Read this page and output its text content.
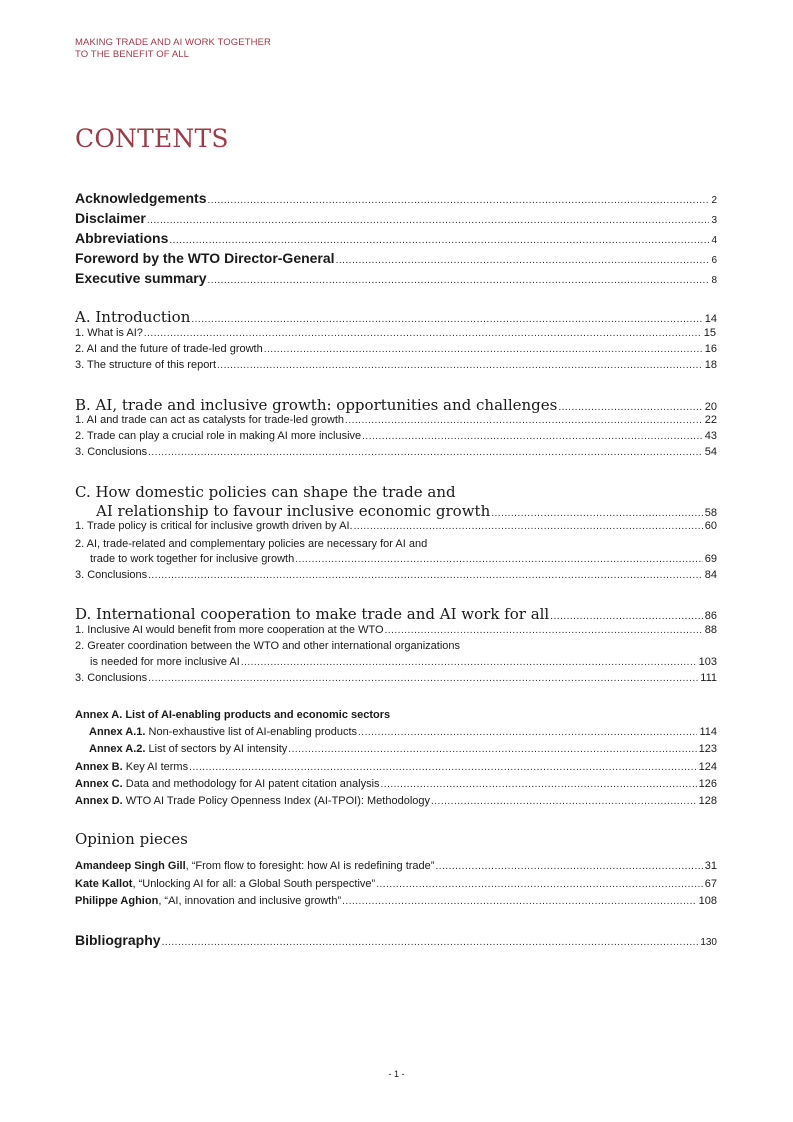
MAKING TRADE AND AI WORK TOGETHER
TO THE BENEFIT OF ALL
CONTENTS
Acknowledgements .....	2
Disclaimer .....	3
Abbreviations .....	4
Foreword by the WTO Director-General .....	6
Executive summary .....	8
A. Introduction .....	14
1. What is AI? .....	15
2. AI and the future of trade-led growth .....	16
3. The structure of this report .....	18
B. AI, trade and inclusive growth: opportunities and challenges .....	20
1. AI and trade can act as catalysts for trade-led growth .....	22
2. Trade can play a crucial role in making AI more inclusive .....	43
3. Conclusions .....	54
C. How domestic policies can shape the trade and
AI relationship to favour inclusive economic growth .....	58
1. Trade policy is critical for inclusive growth driven by AI. .....	60
2. AI, trade-related and complementary policies are necessary for AI and
trade to work together for inclusive growth .....	69
3. Conclusions .....	84
D. International cooperation to make trade and AI work for all .....	86
1. Inclusive AI would benefit from more cooperation at the WTO .....	88
2. Greater coordination between the WTO and other international organizations
is needed for more inclusive AI .....	103
3. Conclusions .....	111
Annex A. List of AI-enabling products and economic sectors
Annex A.1. Non-exhaustive list of AI-enabling products .....	114
Annex A.2. List of sectors by AI intensity .....	123
Annex B. Key AI terms .....	124
Annex C. Data and methodology for AI patent citation analysis .....	126
Annex D. WTO AI Trade Policy Openness Index (AI-TPOI): Methodology .....	128
Opinion pieces
Amandeep Singh Gill, “From flow to foresight: how AI is redefining trade” .....	31
Kate Kallot, “Unlocking AI for all: a Global South perspective” .....	67
Philippe Aghion, “AI, innovation and inclusive growth” .....	108
Bibliography .....	130
- 1 -
